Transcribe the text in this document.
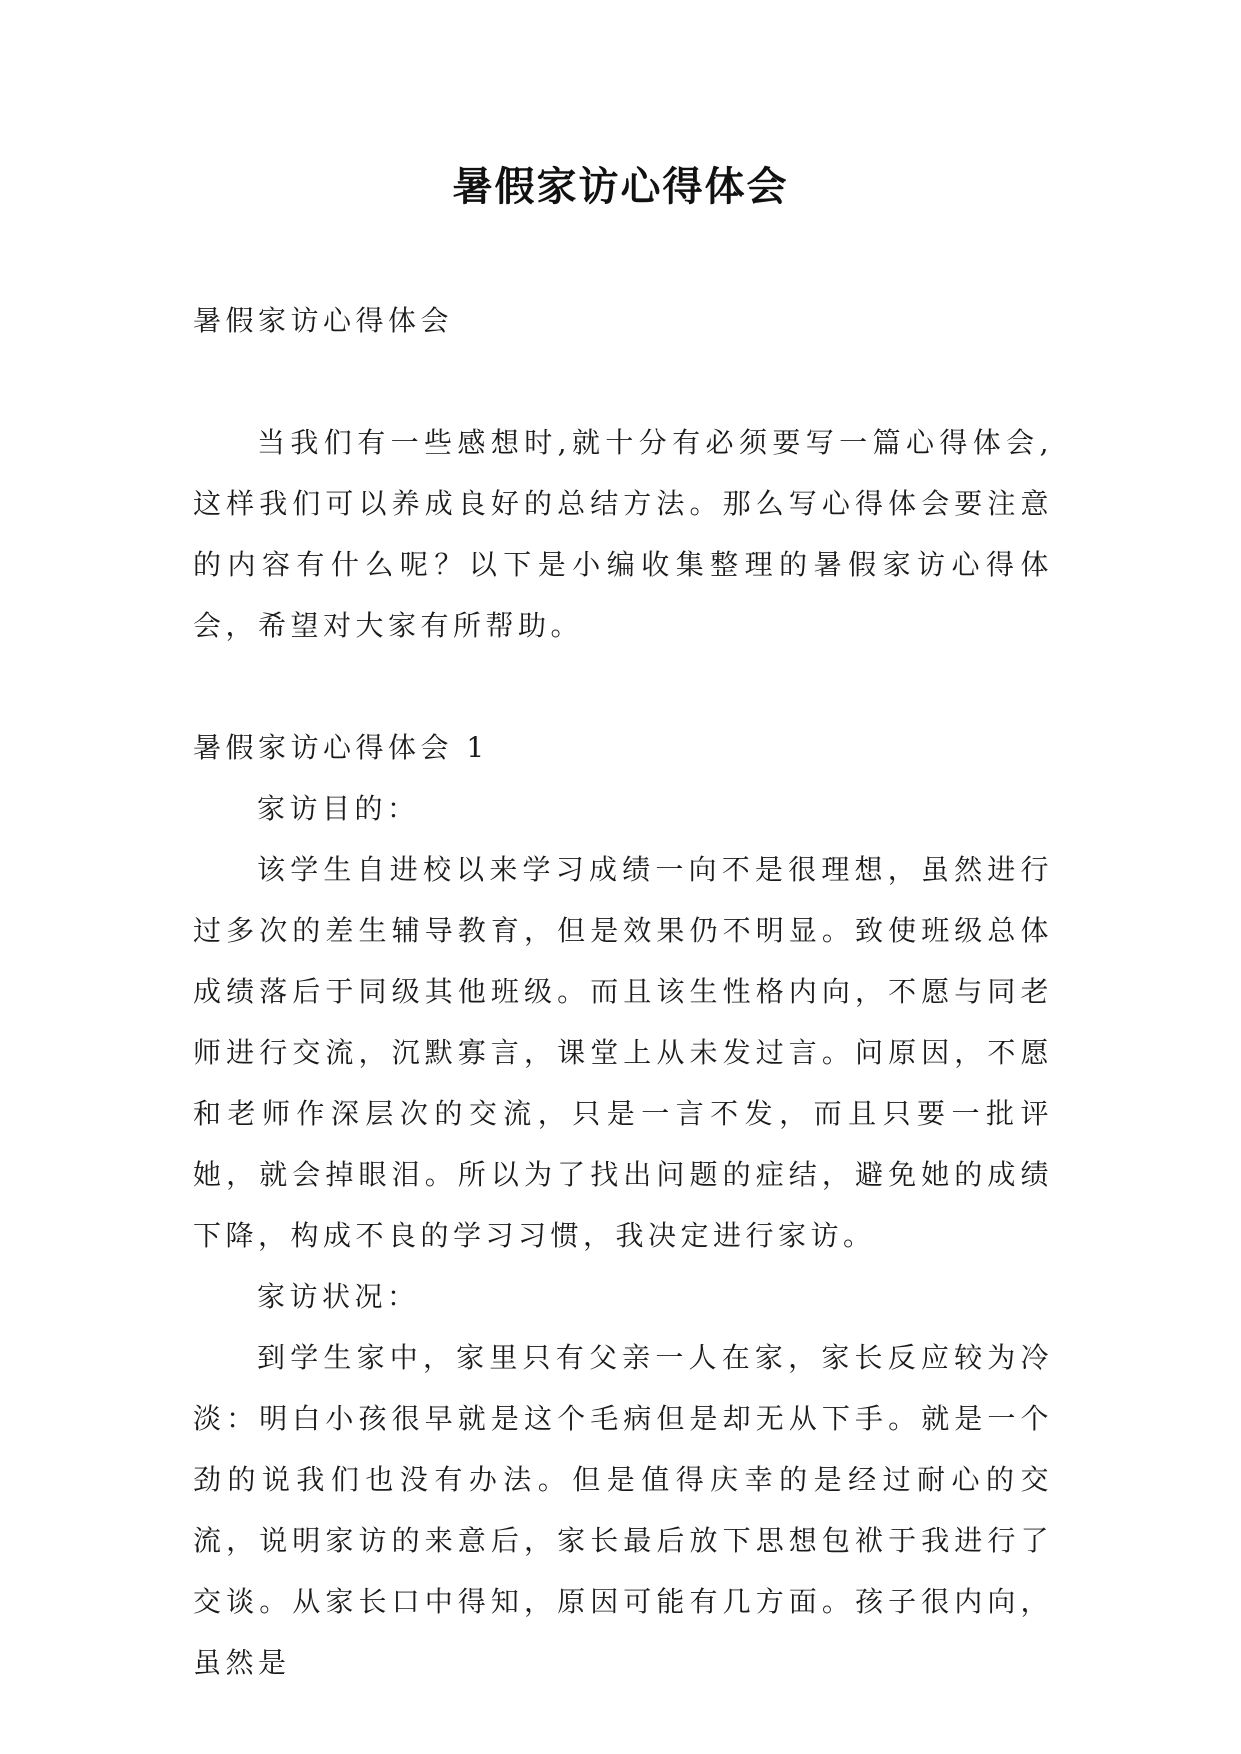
暑假家访心得体会

暑假家访心得体会

当我们有一些感想时,就十分有必须要写一篇心得体会,这样我们可以养成良好的总结方法。那么写心得体会要注意的内容有什么呢？以下是小编收集整理的暑假家访心得体会，希望对大家有所帮助。

暑假家访心得体会 1

家访目的：

该学生自进校以来学习成绩一向不是很理想，虽然进行过多次的差生辅导教育，但是效果仍不明显。致使班级总体成绩落后于同级其他班级。而且该生性格内向，不愿与同老师进行交流，沉默寡言，课堂上从未发过言。问原因，不愿和老师作深层次的交流，只是一言不发，而且只要一批评她，就会掉眼泪。所以为了找出问题的症结，避免她的成绩下降，构成不良的学习习惯，我决定进行家访。

家访状况：

到学生家中，家里只有父亲一人在家，家长反应较为冷淡：明白小孩很早就是这个毛病但是却无从下手。就是一个劲的说我们也没有办法。但是值得庆幸的是经过耐心的交流，说明家访的来意后，家长最后放下思想包袱于我进行了交谈。从家长口中得知，原因可能有几方面。孩子很内向，虽然是
